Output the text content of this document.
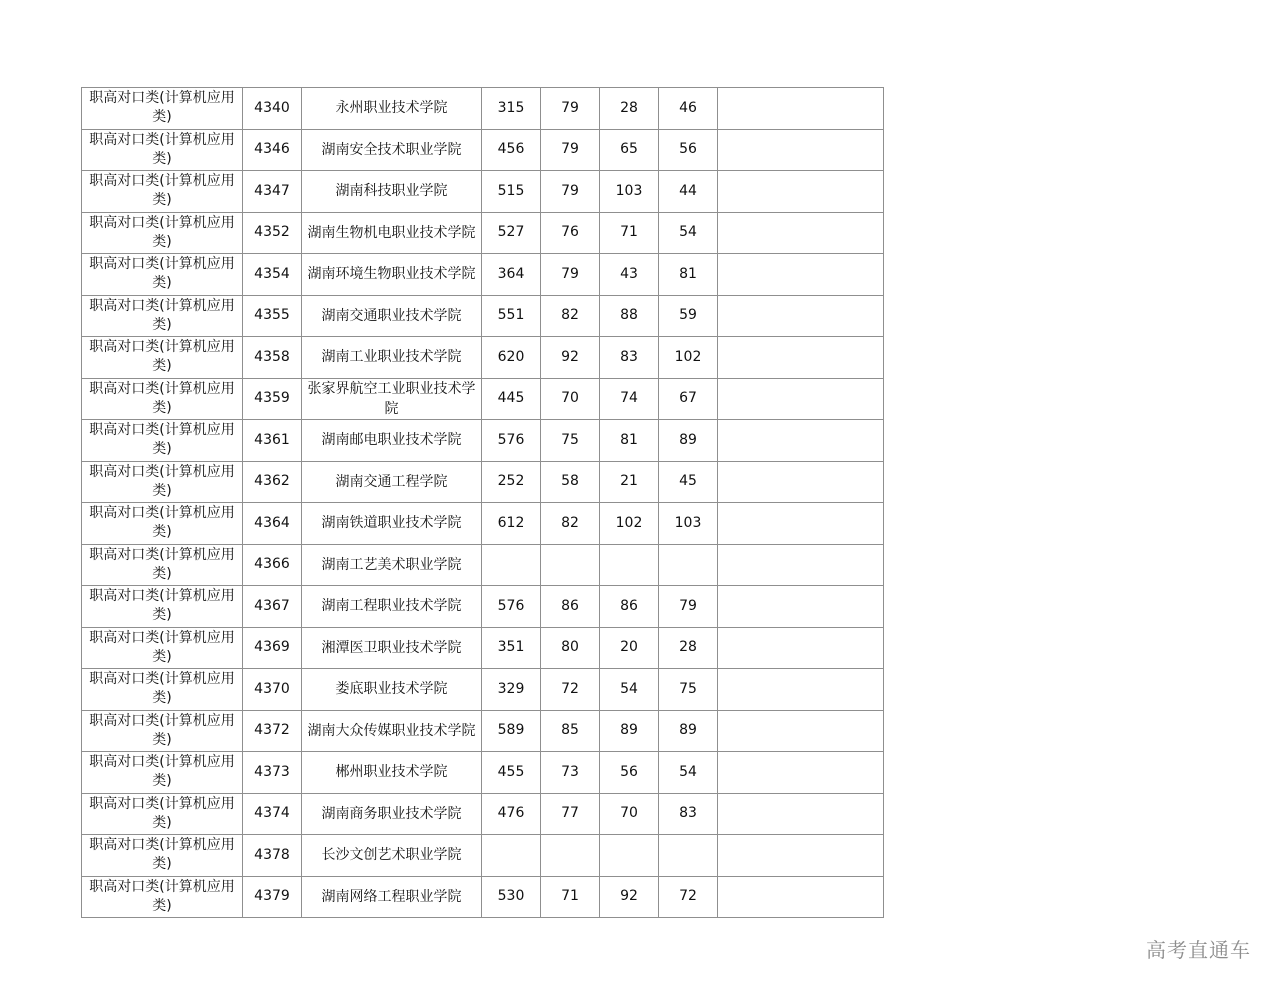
职高对口类(计算机应用类)	4340	永州职业技术学院	315	79	28	46	
职高对口类(计算机应用类)	4346	湖南安全技术职业学院	456	79	65	56	
职高对口类(计算机应用类)	4347	湖南科技职业学院	515	79	103	44	
职高对口类(计算机应用类)	4352	湖南生物机电职业技术学院	527	76	71	54	
职高对口类(计算机应用类)	4354	湖南环境生物职业技术学院	364	79	43	81	
职高对口类(计算机应用类)	4355	湖南交通职业技术学院	551	82	88	59	
职高对口类(计算机应用类)	4358	湖南工业职业技术学院	620	92	83	102	
职高对口类(计算机应用类)	4359	张家界航空工业职业技术学院	445	70	74	67	
职高对口类(计算机应用类)	4361	湖南邮电职业技术学院	576	75	81	89	
职高对口类(计算机应用类)	4362	湖南交通工程学院	252	58	21	45	
职高对口类(计算机应用类)	4364	湖南铁道职业技术学院	612	82	102	103	
职高对口类(计算机应用类)	4366	湖南工艺美术职业学院					
职高对口类(计算机应用类)	4367	湖南工程职业技术学院	576	86	86	79	
职高对口类(计算机应用类)	4369	湘潭医卫职业技术学院	351	80	20	28	
职高对口类(计算机应用类)	4370	娄底职业技术学院	329	72	54	75	
职高对口类(计算机应用类)	4372	湖南大众传媒职业技术学院	589	85	89	89	
职高对口类(计算机应用类)	4373	郴州职业技术学院	455	73	56	54	
职高对口类(计算机应用类)	4374	湖南商务职业技术学院	476	77	70	83	
职高对口类(计算机应用类)	4378	长沙文创艺术职业学院					
职高对口类(计算机应用类)	4379	湖南网络工程职业学院	530	71	92	72	
高考直通车
